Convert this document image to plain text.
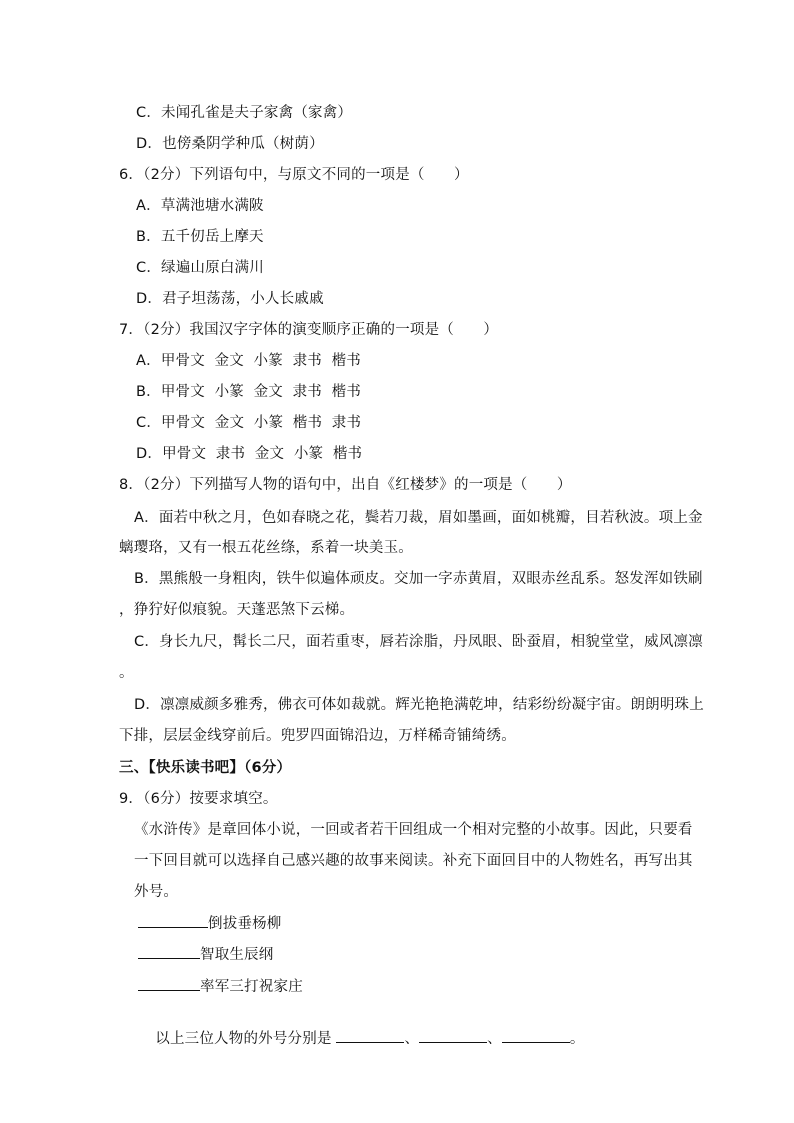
C．未闻孔雀是夫子家禽（家禽）
D．也傍桑阴学种瓜（树荫）
6．（2分）下列语句中，与原文不同的一项是（　　）
A．草满池塘水满陂
B．五千仞岳上摩天
C．绿遍山原白满川
D．君子坦荡荡，小人长戚戚
7．（2分）我国汉字字体的演变顺序正确的一项是（　　）
A．甲骨文  金文  小篆  隶书  楷书
B．甲骨文  小篆  金文  隶书  楷书
C．甲骨文  金文  小篆  楷书  隶书
D．甲骨文  隶书  金文  小篆  楷书
8．（2分）下列描写人物的语句中，出自《红楼梦》的一项是（　　）
A．面若中秋之月，色如春晓之花，鬓若刀裁，眉如墨画，面如桃瓣，目若秋波。项上金
螭璎珞，又有一根五花丝绦，系着一块美玉。
B．黑熊般一身粗肉，铁牛似遍体顽皮。交加一字赤黄眉，双眼赤丝乱系。怒发浑如铁刷
，狰狞好似痕貌。天蓬恶煞下云梯。
C．身长九尺，髯长二尺，面若重枣，唇若涂脂，丹凤眼、卧蚕眉，相貌堂堂，威风凛凛
。
D．凛凛威颜多雅秀，佛衣可体如裁就。辉光艳艳满乾坤，结彩纷纷凝宇宙。朗朗明珠上
下排，层层金线穿前后。兜罗四面锦沿边，万样稀奇铺绮绣。
三、【快乐读书吧】（6分）
9．（6分）按要求填空。
《水浒传》是章回体小说，一回或者若干回组成一个相对完整的小故事。因此，只要看
一下回目就可以选择自己感兴趣的故事来阅读。补充下面回目中的人物姓名，再写出其
外号。
倒拔垂杨柳
智取生辰纲
率军三打祝家庄

以上三位人物的外号分别是	、	、	。
